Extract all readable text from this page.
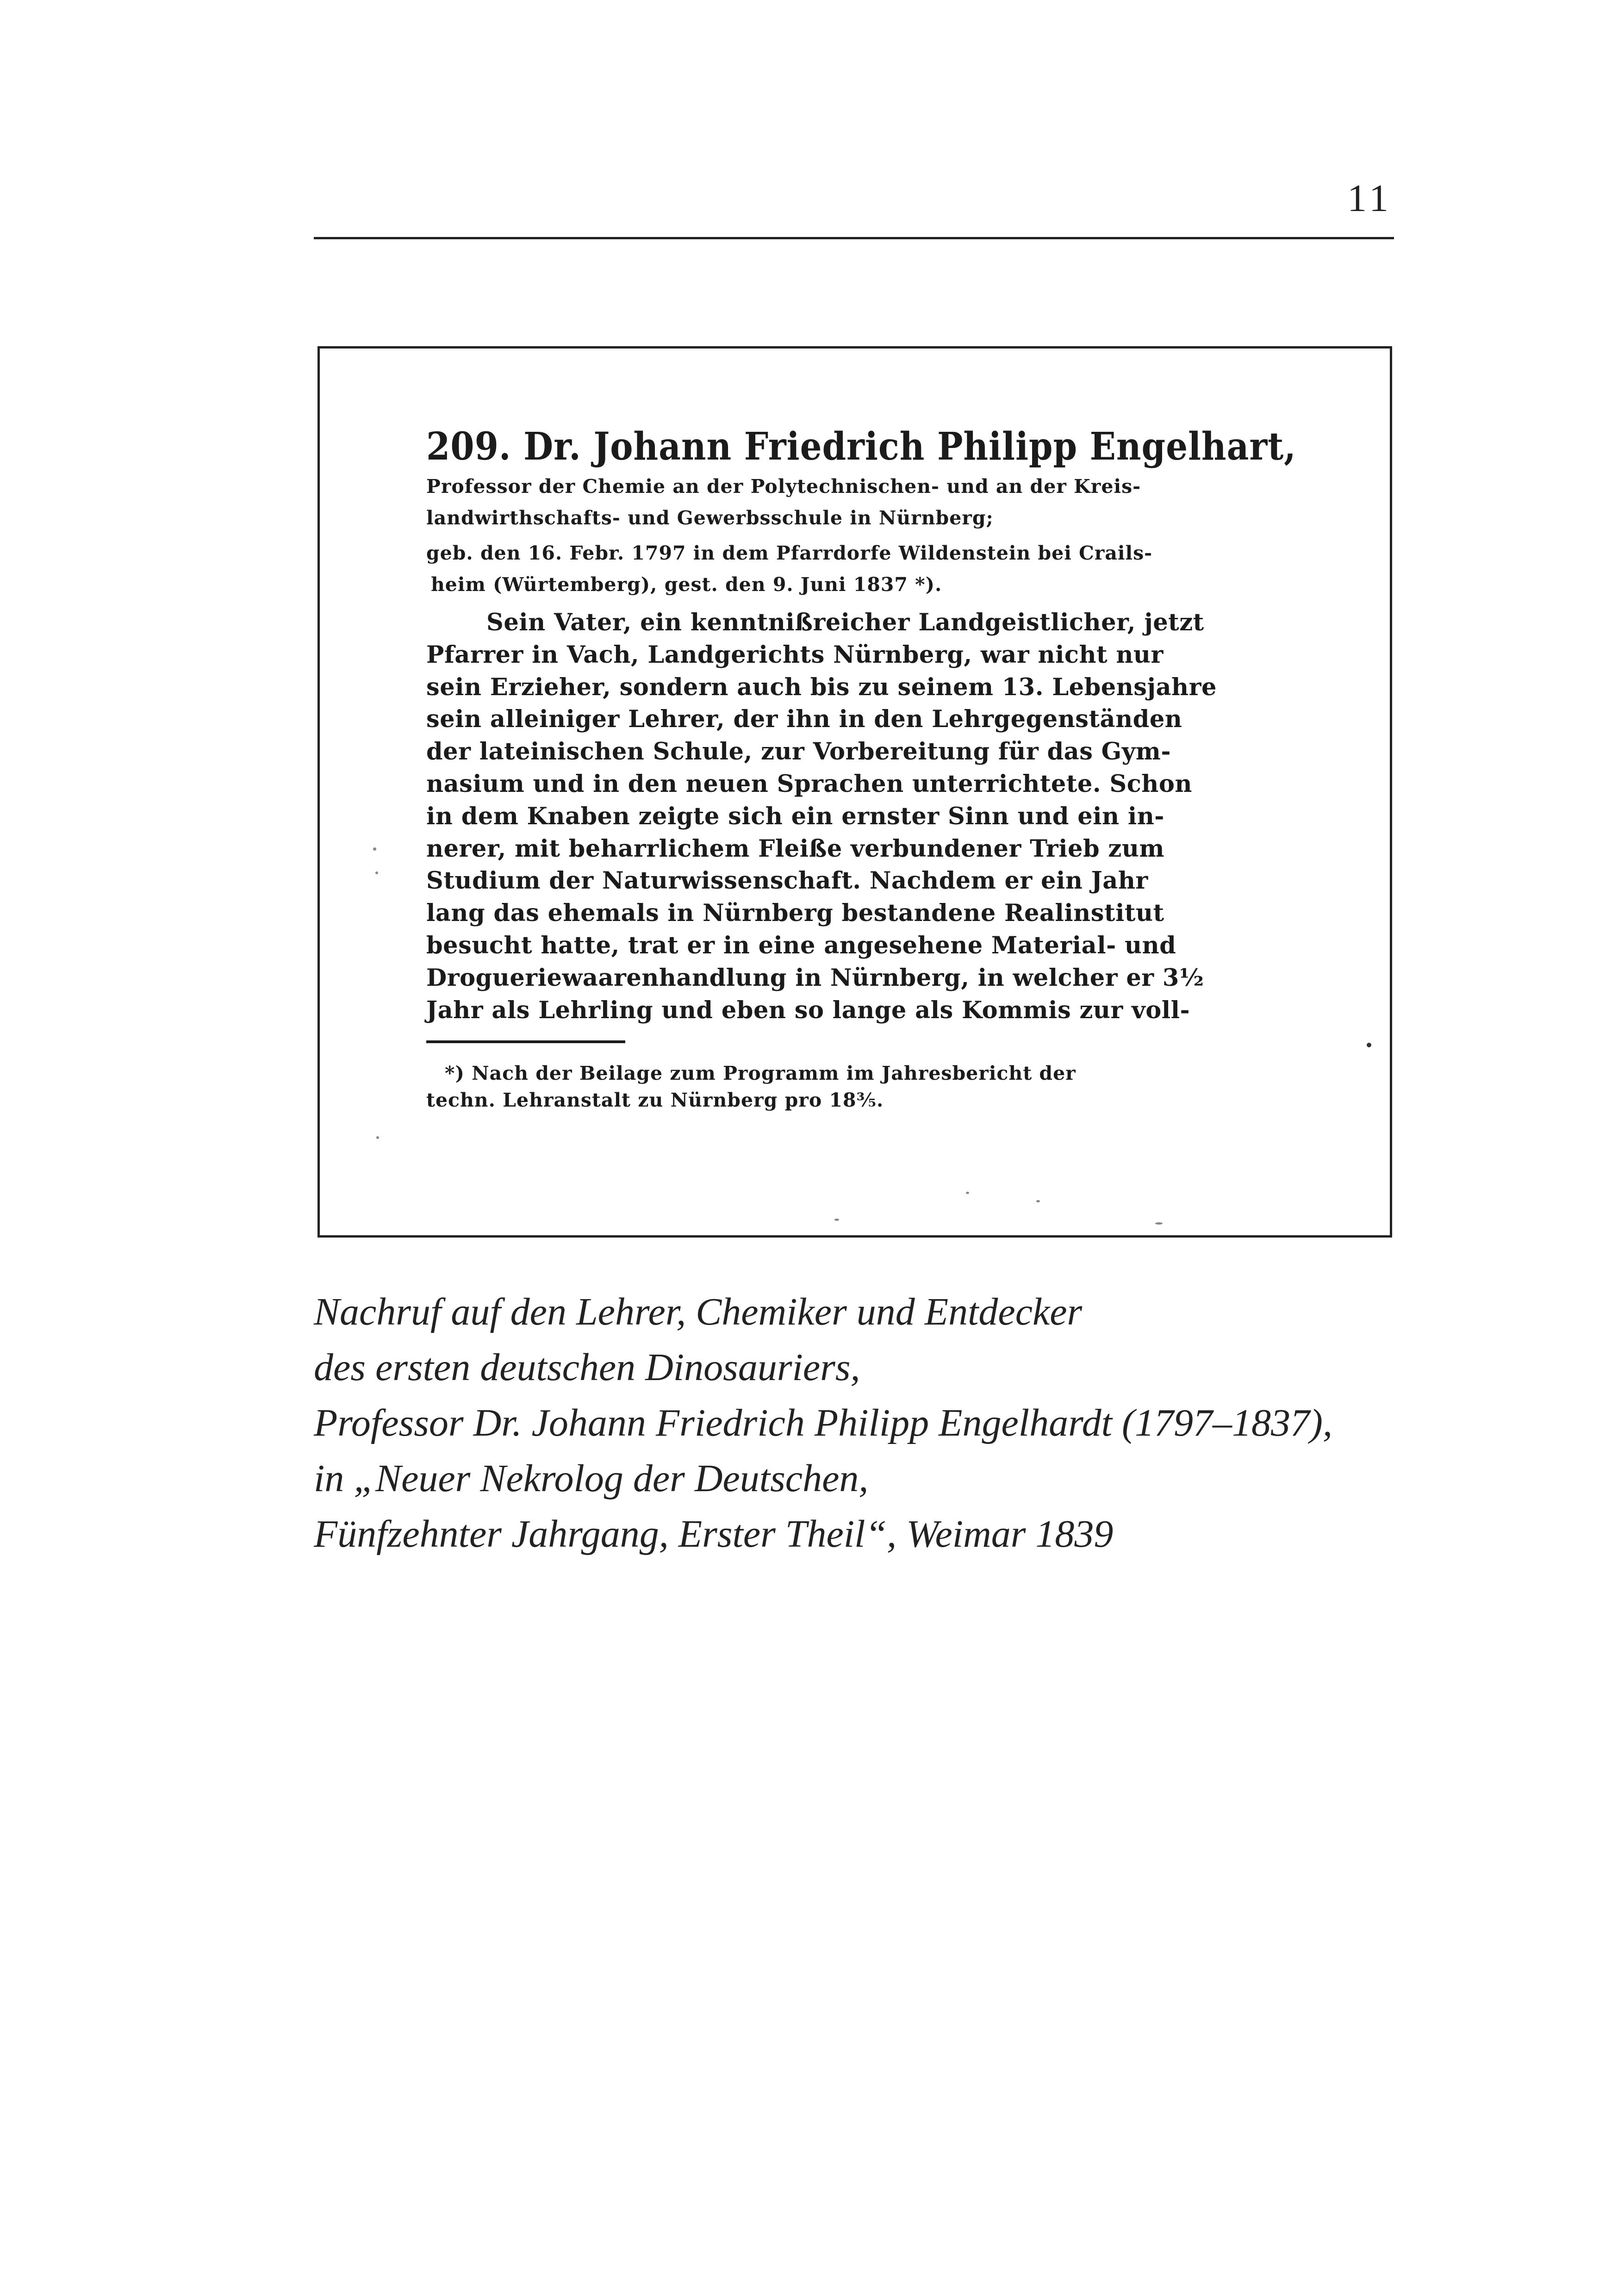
11
209. Dr. Johann Friedrich Philipp Engelhart,
Professor der Chemie an der Polytechnischen- und an der Kreis-
landwirthschafts- und Gewerbsschule in Nürnberg;
geb. den 16. Febr. 1797 in dem Pfarrdorfe Wildenstein bei Crails-
heim (Würtemberg), gest. den 9. Juni 1837 *).
Sein Vater, ein kenntnißreicher Landgeistlicher, jetzt
Pfarrer in Vach, Landgerichts Nürnberg, war nicht nur
sein Erzieher, sondern auch bis zu seinem 13. Lebensjahre
sein alleiniger Lehrer, der ihn in den Lehrgegenständen
der lateinischen Schule, zur Vorbereitung für das Gym-
nasium und in den neuen Sprachen unterrichtete. Schon
in dem Knaben zeigte sich ein ernster Sinn und ein in-
nerer, mit beharrlichem Fleiße verbundener Trieb zum
Studium der Naturwissenschaft. Nachdem er ein Jahr
lang das ehemals in Nürnberg bestandene Realinstitut
besucht hatte, trat er in eine angesehene Material- und
Drogueriewaarenhandlung in Nürnberg, in welcher er 3½
Jahr als Lehrling und eben so lange als Kommis zur voll-
*) Nach der Beilage zum Programm im Jahresbericht der
techn. Lehranstalt zu Nürnberg pro 18⅗.
Nachruf auf den Lehrer, Chemiker und Entdecker
des ersten deutschen Dinosauriers,
Professor Dr. Johann Friedrich Philipp Engelhardt (1797–1837),
in „Neuer Nekrolog der Deutschen,
Fünfzehnter Jahrgang, Erster Theil“, Weimar 1839
